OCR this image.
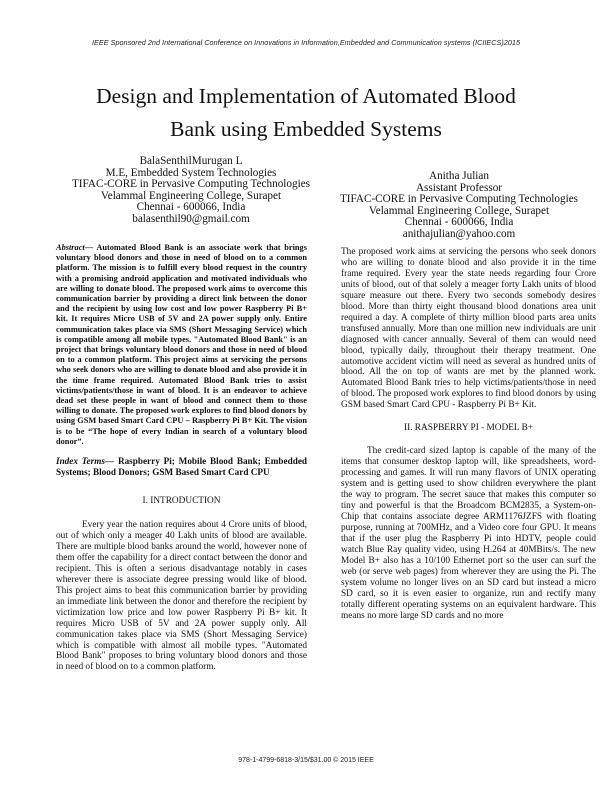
IEEE Sponsored 2nd International Conference on Innovations in Information,Embedded and Communication systems (ICIIECS)2015
Design and Implementation of Automated Blood
Bank using Embedded Systems
BalaSenthilMurugan L
M.E, Embedded System Technologies
TIFAC-CORE in Pervasive Computing Technologies
Velammal Engineering College, Surapet
Chennai - 600066, India
balasenthil90@gmail.com
Anitha Julian
Assistant Professor
TIFAC-CORE in Pervasive Computing Technologies
Velammal Engineering College, Surapet
Chennai - 600066, India
anithajulian@yahoo.com

Abstract— Automated Blood Bank is an associate work that brings voluntary blood donors and those in need of blood on to a common platform. The mission is to fulfill every blood request in the country with a promising android application and motivated individuals who are willing to donate blood. The proposed work aims to overcome this communication barrier by providing a direct link between the donor and the recipient by using low cost and low power Raspberry Pi B+ kit. It requires Micro USB of 5V and 2A power supply only. Entire communication takes place via SMS (Short Messaging Service) which is compatible among all mobile types. "Automated Blood Bank" is an project that brings voluntary blood donors and those in need of blood on to a common platform. This project aims at servicing the persons who seek donors who are willing to donate blood and also provide it in the time frame required. Automated Blood Bank tries to assist victims/patients/those in want of blood. It is an endeavor to achieve dead set these people in want of blood and connect them to those willing to donate. The proposed work explores to find blood donors by using GSM based Smart Card CPU – Raspberry Pi B+ Kit. The vision is to be “The hope of every Indian in search of a voluntary blood donor”.

Index Terms— Raspberry Pi; Mobile Blood Bank; Embedded Systems; Blood Donors; GSM Based Smart Card CPU

I. INTRODUCTION

Every year the nation requires about 4 Crore units of blood, out of which only a meager 40 Lakh units of blood are available. There are multiple blood banks around the world, however none of them offer the capability for a direct contact between the donor and recipient. This is often a serious disadvantage notably in cases wherever there is associate degree pressing would like of blood. This project aims to beat this communication barrier by providing an immediate link between the donor and therefore the recipient by victimization low price and low power Raspberry Pi B+ kit. It requires Micro USB of 5V and 2A power supply only. All communication takes place via SMS (Short Messaging Service) which is compatible with almost all mobile types. "Automated Blood Bank" proposes to bring voluntary blood donors and those in need of blood on to a common platform.

The proposed work aims at servicing the persons who seek donors who are willing to donate blood and also provide it in the time frame required. Every year the state needs regarding four Crore units of blood, out of that solely a meager forty Lakh units of blood square measure out there. Every two seconds somebody desires blood. More than thirty eight thousand blood donations area unit required a day. A complete of thirty million blood parts area units transfused annually. More than one million new individuals are unit diagnosed with cancer annually. Several of them can would need blood, typically daily, throughout their therapy treatment. One automotive accident victim will need as several as hundred units of blood. All the on top of wants are met by the planned work. Automated Blood Bank tries to help victims/patients/those in need of blood. The proposed work explores to find blood donors by using GSM based Smart Card CPU - Raspberry Pi B+ Kit.

II. RASPBERRY PI - MODEL B+

The credit-card sized laptop is capable of the many of the items that consumer desktop laptop will, like spreadsheets, word-processing and games. It will run many flavors of UNIX operating system and is getting used to show children everywhere the plant the way to program. The secret sauce that makes this computer so tiny and powerful is that the Broadcom BCM2835, a System-on-Chip that contains associate degree ARM1176JZFS with floating purpose, running at 700MHz, and a Video core four GPU. It means that if the user plug the Raspberry Pi into HDTV, people could watch Blue Ray quality video, using H.264 at 40MBits/s. The new Model B+ also has a 10/100 Ethernet port so the user can surf the web (or serve web pages) from wherever they are using the Pi. The system volume no longer lives on an SD card but instead a micro SD card, so it is even easier to organize, run and rectify many totally different operating systems on an equivalent hardware. This means no more large SD cards and no more

978-1-4799-6818-3/15/$31.00 © 2015 IEEE
